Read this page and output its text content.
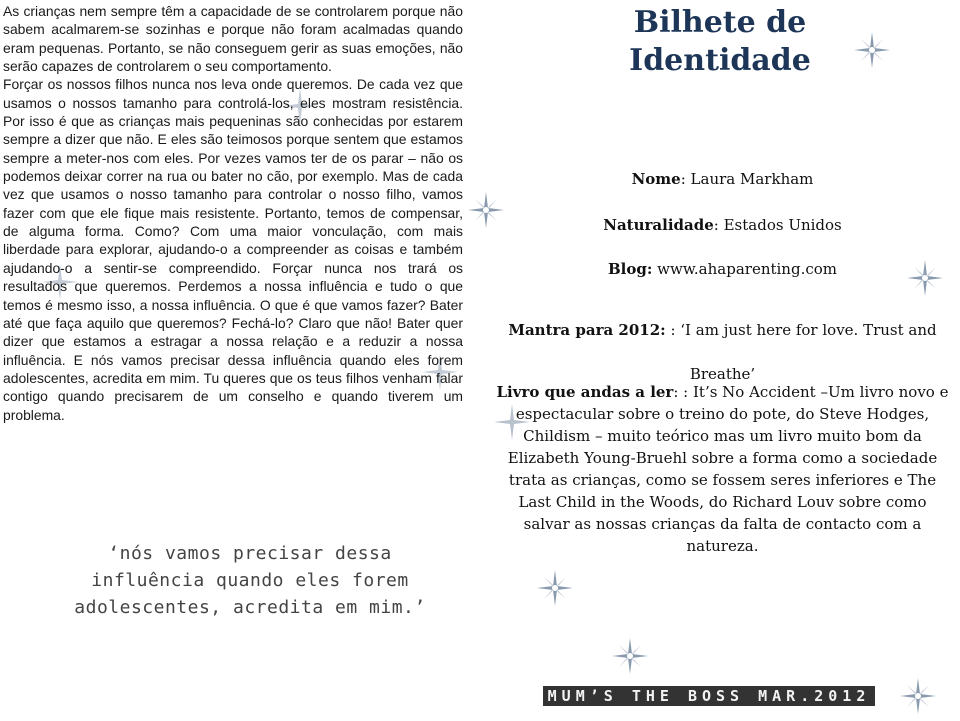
As crianças nem sempre têm a capacidade de se controlarem porque não sabem acalmarem-se sozinhas e porque não foram acalmadas quando eram pequenas. Portanto, se não conseguem gerir as suas emoções, não serão capazes de controlarem o seu comportamento.

Forçar os nossos filhos nunca nos leva onde queremos. De cada vez que usamos o nossos tamanho para controlá-los, eles mostram resistência. Por isso é que as crianças mais pequeninas são conhecidas por estarem sempre a dizer que não. E eles são teimosos porque sentem que estamos sempre a meter-nos com eles. Por vezes vamos ter de os parar – não os podemos deixar correr na rua ou bater no cão, por exemplo. Mas de cada vez que usamos o nosso tamanho para controlar o nosso filho, vamos fazer com que ele fique mais resistente. Portanto, temos de compensar, de alguma forma. Como? Com uma maior vonculação, com mais liberdade para explorar, ajudando-o a compreender as coisas e também ajudando-o a sentir-se compreendido. Forçar nunca nos trará os resultados que queremos. Perdemos a nossa influência e tudo o que temos é mesmo isso, a nossa influência. O que é que vamos fazer? Bater até que faça aquilo que queremos? Fechá-lo? Claro que não! Bater quer dizer que estamos a estragar a nossa relação e a reduzir a nossa influência. E nós vamos precisar dessa influência quando eles forem adolescentes, acredita em mim. Tu queres que os teus filhos venham falar contigo quando precisarem de um conselho e quando tiverem um problema.

‘nós vamos precisar dessa influência quando eles forem adolescentes, acredita em mim.’
Bilhete de
Identidade

Nome: Laura Markham

Naturalidade: Estados Unidos

Blog: www.ahaparenting.com

Mantra para 2012: : ‘I am just here for love. Trust and Breathe’

Livro que andas a ler: : It’s No Accident –Um livro novo e espectacular sobre o treino do pote, do Steve Hodges, Childism – muito teórico mas um livro muito bom da Elizabeth Young-Bruehl sobre a forma como a sociedade trata as crianças, como se fossem seres inferiores e The Last Child in the Woods, do Richard Louv sobre como salvar as nossas crianças da falta de contacto com a natureza.

MUM’S THE BOSS MAR.2012
